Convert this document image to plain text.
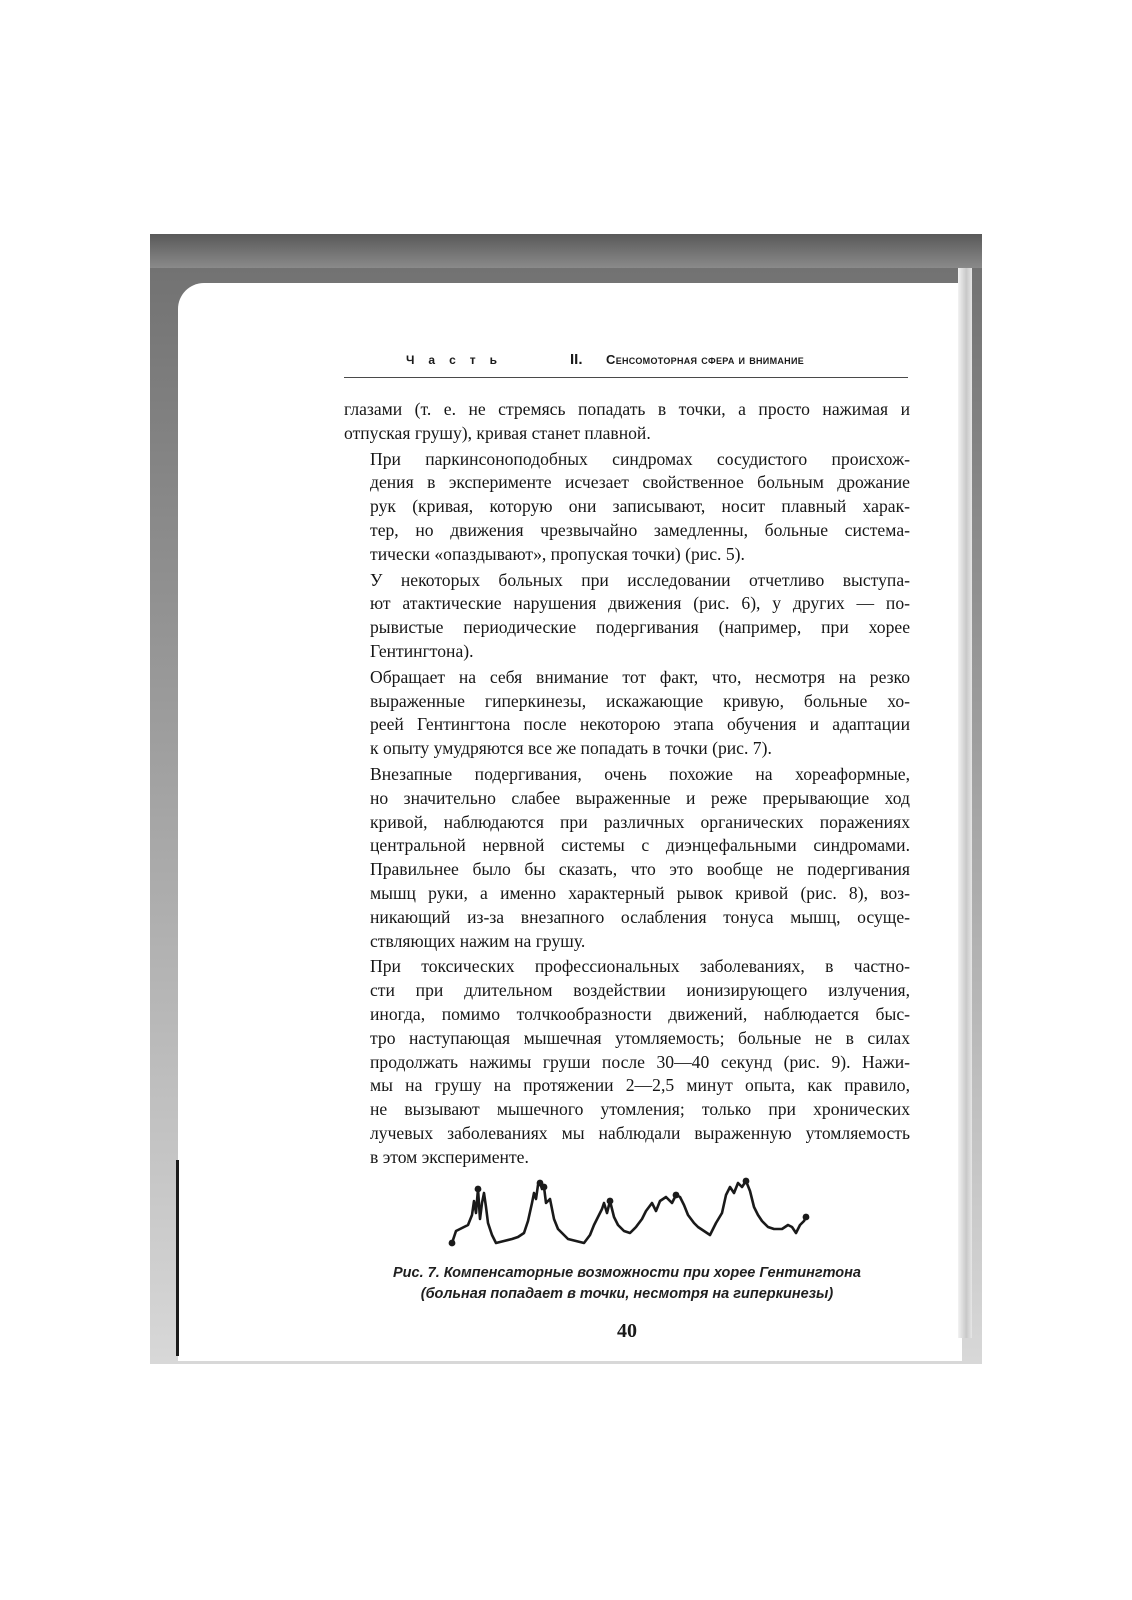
Часть	II. Сенсомоторная сфера и внимание

глазами (т. е. не стремясь попадать в точки, а просто нажимая и
отпуская грушу), кривая станет плавной.

При паркинсоноподобных синдромах сосудистого происхож-
дения в эксперименте исчезает свойственное больным дрожание
рук (кривая, которую они записывают, носит плавный харак-
тер, но движения чрезвычайно замедленны, больные системa-
тически «опаздывают», пропуская точки) (рис. 5).

У некоторых больных при исследовании отчетливо выступа-
ют атактические нарушения движения (рис. 6), у других — по-
рывистые периодические подергивания (например, при хорее
Гентингтона).

Обращает на себя внимание тот факт, что, несмотря на резко
выраженные гиперкинезы, искажающие кривую, больные хо-
реей Гентингтона после некоторою этапа обучения и адаптации
к опыту умудряются все же попадать в точки (рис. 7).

Внезапные подергивания, очень похожие на хореаформные,
но значительно слабее выраженные и реже прерывающие ход
кривой, наблюдаются при различных органических поражениях
центральной нервной системы с диэнцефальными синдромами.
Правильнее было бы сказать, что это вообще не подергивания
мышц руки, а именно характерный рывок кривой (рис. 8), воз-
никающий из-за внезапного ослабления тонуса мышц, осуще-
ствляющих нажим на грушу.

При токсических профессиональных заболеваниях, в частно-
сти при длительном воздействии ионизирующего излучения,
иногда, помимо толчкообразности движений, наблюдается быс-
тро наступающая мышечная утомляемость; больные не в силах
продолжать нажимы груши после 30—40 секунд (рис. 9). Нажи-
мы на грушу на протяжении 2—2,5 минут опыта, как правило,
не вызывают мышечного утомления; только при хронических
лучевых заболеваниях мы наблюдали выраженную утомляемость
в этом эксперименте.

Рис. 7. Компенсаторные возможности при хорее Гентингтона
(больная попадает в точки, несмотря на гиперкинезы)
40
